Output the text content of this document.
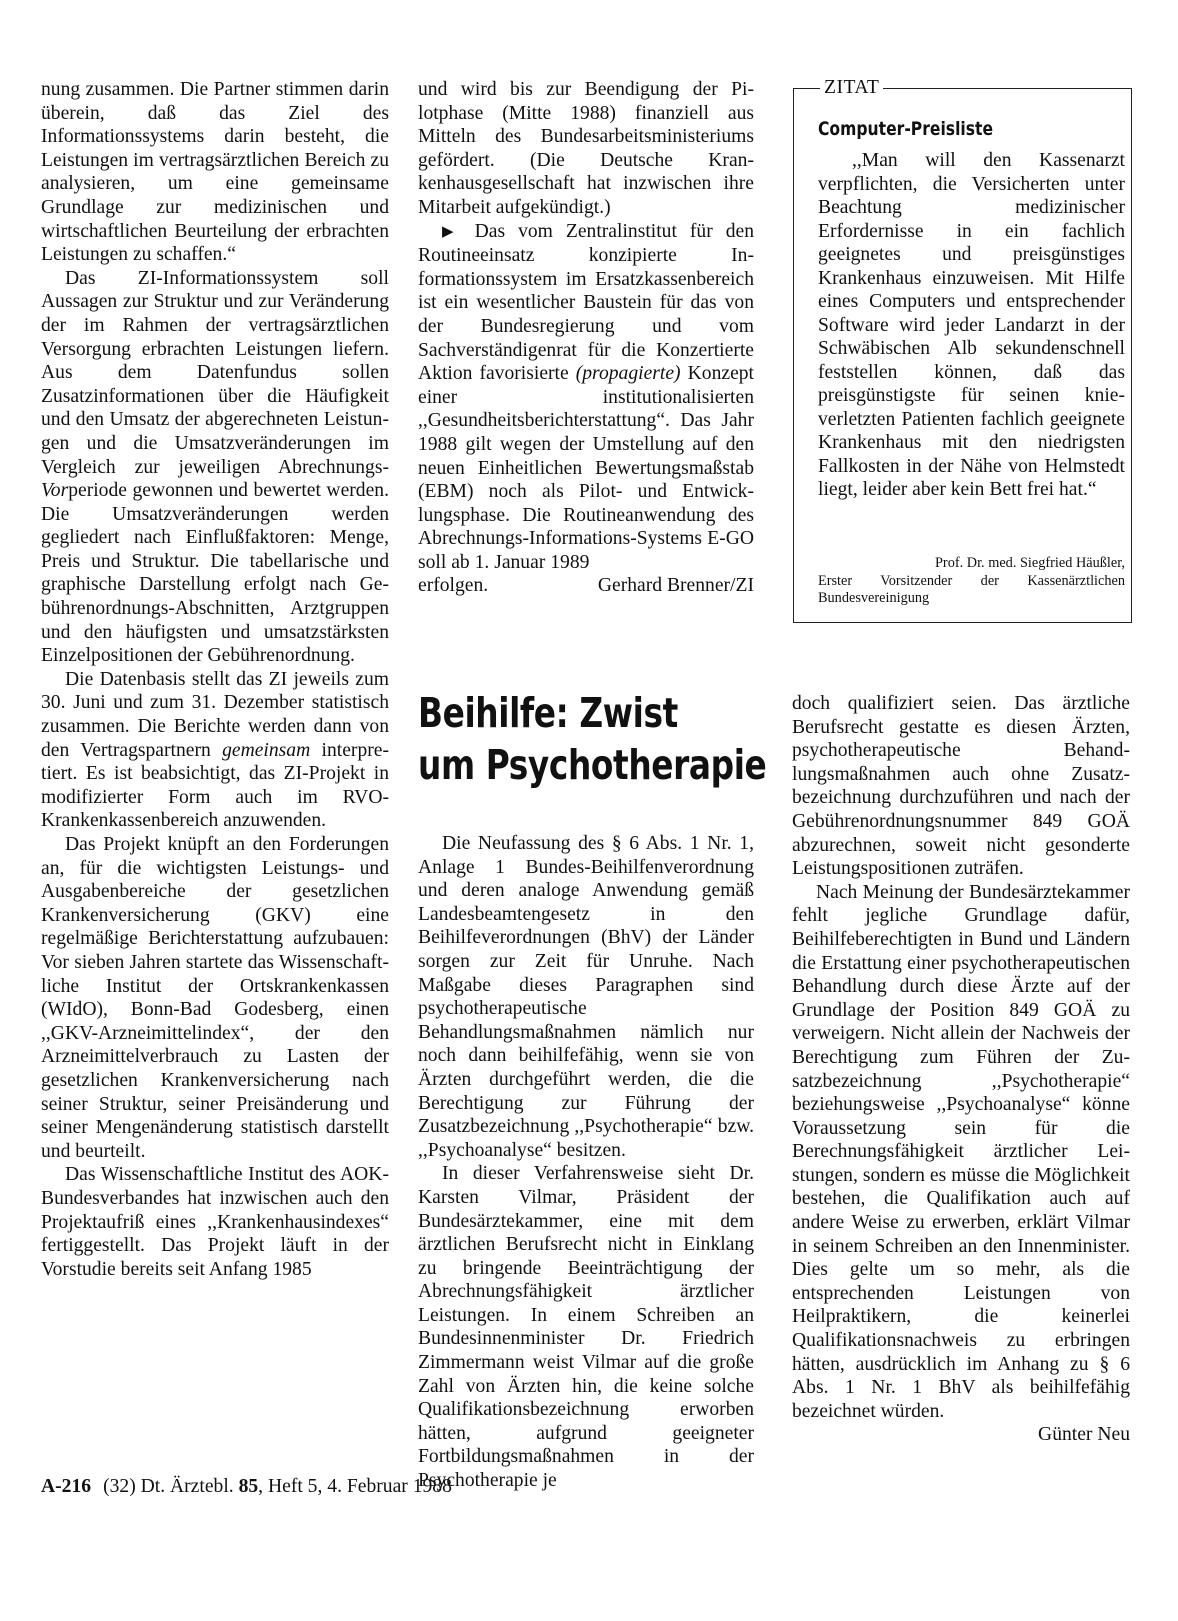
nung zusammen. Die Partner stimmen darin überein, daß das Ziel des Informationssystems darin besteht, die Leistungen im vertragsärztlichen Bereich zu analysieren, um eine gemeinsame Grundlage zur medizinischen und wirtschaftlichen Beurteilung der erbrachten Leistungen zu schaffen.“

Das ZI-Informationssystem soll Aussagen zur Struktur und zur Veränderung der im Rahmen der vertragsärztlichen Versorgung erbrachten Leistungen liefern. Aus dem Datenfundus sollen Zusatzinformationen über die Häufigkeit und den Umsatz der abgerechneten Leistungen und die Umsatzveränderungen im Vergleich zur jeweiligen Abrechnungs-Vorperiode gewonnen und bewertet werden. Die Umsatzveränderungen werden gegliedert nach Einflußfaktoren: Menge, Preis und Struktur. Die tabellarische und graphische Darstellung erfolgt nach Gebührenordnungs-Abschnitten, Arztgruppen und den häufigsten und umsatzstärksten Einzelpositionen der Gebührenordnung.

Die Datenbasis stellt das ZI jeweils zum 30. Juni und zum 31. Dezember statistisch zusammen. Die Berichte werden dann von den Vertragspartnern gemeinsam interpretiert. Es ist beabsichtigt, das ZI-Projekt in modifizierter Form auch im RVO-Krankenkassenbereich anzuwenden.

Das Projekt knüpft an den Forderungen an, für die wichtigsten Leistungs- und Ausgabenbereiche der gesetzlichen Krankenversicherung (GKV) eine regelmäßige Berichterstattung aufzubauen: Vor sieben Jahren startete das Wissenschaftliche Institut der Ortskrankenkassen (WIdO), Bonn-Bad Godesberg, einen ,,GKV-Arzneimittelindex“, der den Arzneimittelverbrauch zu Lasten der gesetzlichen Krankenversicherung nach seiner Struktur, seiner Preisänderung und seiner Mengenänderung statistisch darstellt und beurteilt.

Das Wissenschaftliche Institut des AOK-Bundesverbandes hat inzwischen auch den Projektaufriß eines ,,Krankenhausindexes“ fertiggestellt. Das Projekt läuft in der Vorstudie bereits seit Anfang 1985

und wird bis zur Beendigung der Pilotphase (Mitte 1988) finanziell aus Mitteln des Bundesarbeitsministeriums gefördert. (Die Deutsche Krankenhausgesellschaft hat inzwischen ihre Mitarbeit aufgekündigt.)

▶ Das vom Zentralinstitut für den Routineeinsatz konzipierte Informationssystem im Ersatzkassenbereich ist ein wesentlicher Baustein für das von der Bundesregierung und vom Sachverständigenrat für die Konzertierte Aktion favorisierte (propagierte) Konzept einer institutionalisierten ,,Gesundheitsberichterstattung“. Das Jahr 1988 gilt wegen der Umstellung auf den neuen Einheitlichen Bewertungsmaßstab (EBM) noch als Pilot- und Entwicklungsphase. Die Routineanwendung des Abrechnungs-Informations-Systems E-GO soll ab 1. Januar 1989

erfolgen.	Gerhard Brenner/ZI

ZITAT
Computer-Preisliste

,,Man will den Kassenarzt verpflichten, die Versicherten unter Beachtung medizinischer Erfordernisse in ein fachlich geeignetes und preisgünstiges Krankenhaus einzuweisen. Mit Hilfe eines Computers und entsprechender Software wird jeder Landarzt in der Schwäbischen Alb sekundenschnell feststellen können, daß das preisgünstigste für seinen knieverletzten Patienten fachlich geeignete Krankenhaus mit den niedrigsten Fallkosten in der Nähe von Helmstedt liegt, leider aber kein Bett frei hat.“

Prof. Dr. med. Siegfried Häußler,
Erster Vorsitzender der Kassenärztlichen Bundesvereinigung
Beihilfe: Zwist
um Psychotherapie

Die Neufassung des § 6 Abs. 1 Nr. 1, Anlage 1 Bundes-Beihilfenverordnung und deren analoge Anwendung gemäß Landesbeamtengesetz in den Beihilfeverordnungen (BhV) der Länder sorgen zur Zeit für Unruhe. Nach Maßgabe dieses Paragraphen sind psychotherapeutische Behandlungsmaßnahmen nämlich nur noch dann beihilfefähig, wenn sie von Ärzten durchgeführt werden, die die Berechtigung zur Führung der Zusatzbezeichnung ,,Psychotherapie“ bzw. ,,Psychoanalyse“ besitzen.

In dieser Verfahrensweise sieht Dr. Karsten Vilmar, Präsident der Bundesärztekammer, eine mit dem ärztlichen Berufsrecht nicht in Einklang zu bringende Beeinträchtigung der Abrechnungsfähigkeit ärztlicher Leistungen. In einem Schreiben an Bundesinnenminister Dr. Friedrich Zimmermann weist Vilmar auf die große Zahl von Ärzten hin, die keine solche Qualifikationsbezeichnung erworben hätten, aufgrund geeigneter Fortbildungsmaßnahmen in der Psychotherapie je

doch qualifiziert seien. Das ärztliche Berufsrecht gestatte es diesen Ärzten, psychotherapeutische Behandlungsmaßnahmen auch ohne Zusatzbezeichnung durchzuführen und nach der Gebührenordnungsnummer 849 GOÄ abzurechnen, soweit nicht gesonderte Leistungspositionen zuträfen.

Nach Meinung der Bundesärztekammer fehlt jegliche Grundlage dafür, Beihilfeberechtigten in Bund und Ländern die Erstattung einer psychotherapeutischen Behandlung durch diese Ärzte auf der Grundlage der Position 849 GOÄ zu verweigern. Nicht allein der Nachweis der Berechtigung zum Führen der Zusatzbezeichnung ,,Psychotherapie“ beziehungsweise ,,Psychoanalyse“ könne Voraussetzung sein für die Berechnungsfähigkeit ärztlicher Leistungen, sondern es müsse die Möglichkeit bestehen, die Qualifikation auch auf andere Weise zu erwerben, erklärt Vilmar in seinem Schreiben an den Innenminister. Dies gelte um so mehr, als die entsprechenden Leistungen von Heilpraktikern, die keinerlei Qualifikationsnachweis zu erbringen hätten, ausdrücklich im Anhang zu § 6 Abs. 1 Nr. 1 BhV als beihilfefähig bezeichnet würden.

Günter Neu

A-216 (32) Dt. Ärztebl. 85, Heft 5, 4. Februar 1988
